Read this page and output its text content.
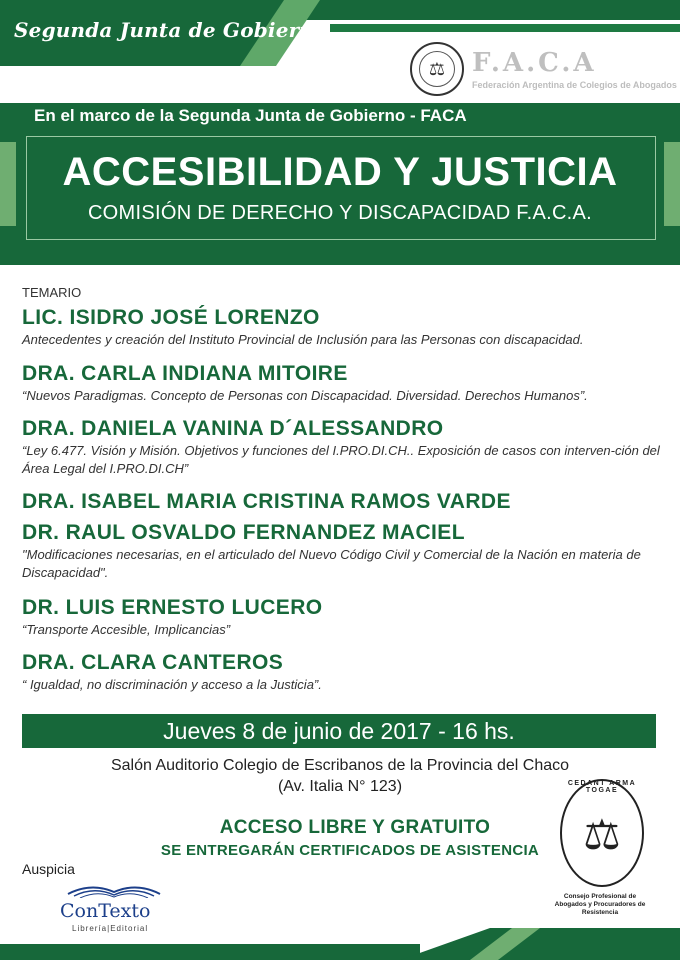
Segunda Junta de Gobierno
⚖	F.A.C.A
Federación Argentina de Colegios de Abogados
En el marco de la Segunda Junta de Gobierno - FACA
ACCESIBILIDAD Y JUSTICIA
COMISIÓN DE DERECHO Y DISCAPACIDAD F.A.C.A.
TEMARIO
LIC. ISIDRO JOSÉ LORENZO
Antecedentes y creación del Instituto Provincial de Inclusión para las Personas con discapacidad.
DRA. CARLA INDIANA MITOIRE
“Nuevos Paradigmas. Concepto de Personas con Discapacidad. Diversidad. Derechos Humanos”.
DRA. DANIELA VANINA D´ALESSANDRO
“Ley 6.477. Visión y Misión. Objetivos y funciones del I.PRO.DI.CH.. Exposición de casos con interven-ción del Área Legal del I.PRO.DI.CH”
DRA. ISABEL MARIA CRISTINA RAMOS VARDE
DR. RAUL OSVALDO FERNANDEZ MACIEL
"Modificaciones necesarias, en el articulado del Nuevo Código Civil y Comercial de la Nación en materia de Discapacidad".
DR. LUIS ERNESTO LUCERO
“Transporte Accesible, Implicancias”
DRA. CLARA CANTEROS
“ Igualdad, no discriminación y acceso a la Justicia”.
Jueves 8 de junio de 2017 - 16 hs.
Salón Auditorio Colegio de Escribanos de la Provincia del Chaco
(Av. Italia N° 123)
ACCESO LIBRE Y GRATUITO
SE ENTREGARÁN CERTIFICADOS DE ASISTENCIA
CEDANT ARMA TOGAE
⚖
Consejo Profesional de Abogados y Procuradores de Resistencia
Auspicia
ConTexto
Librería|Editorial
